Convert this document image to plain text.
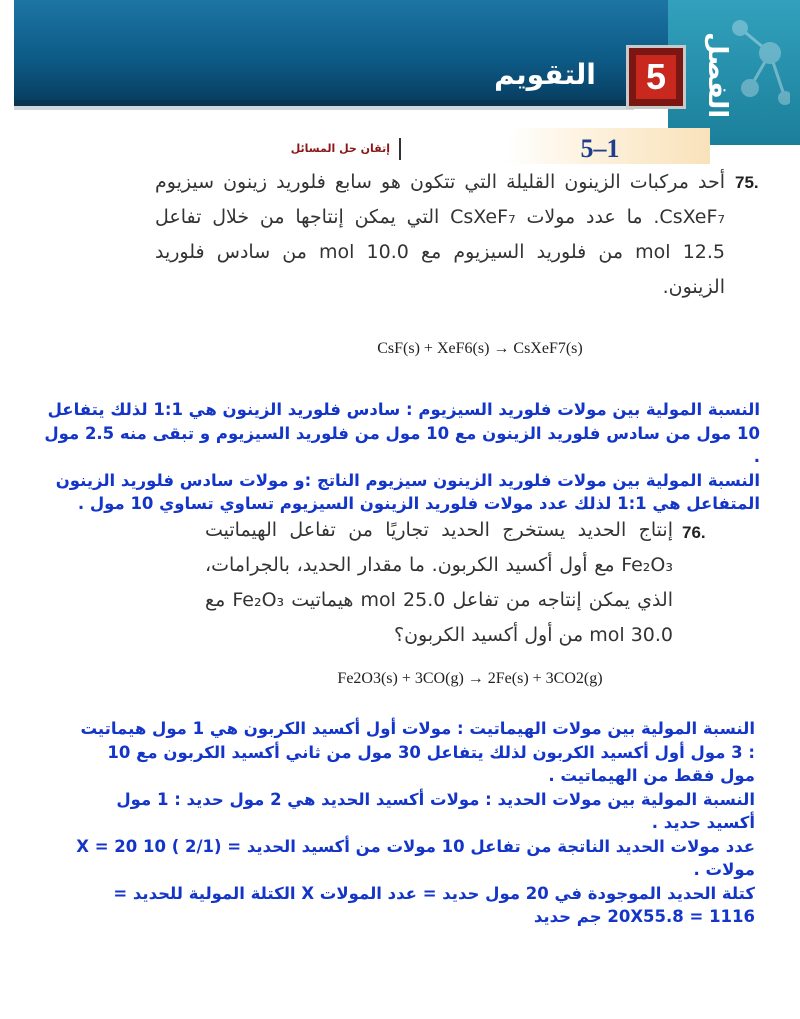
الفصل
5
التقويم
5–1
إتقان حل المسائل
75.
أحد مركبات الزينون القليلة التي تتكون هو سابع فلوريد زينون سيزيوم CsXeF₇. ما عدد مولات CsXeF₇ التي يمكن إنتاجها من خلال تفاعل 12.5 mol من فلوريد السيزيوم مع 10.0 mol من سادس فلوريد الزينون.
CsF(s) + XeF6(s) → CsXeF7(s)

النسبة المولية بين مولات فلوريد السيزيوم : سادس فلوريد الزينون هي 1:1 لذلك يتفاعل 10 مول من سادس فلوريد الزينون مع 10 مول من فلوريد السيزيوم و تبقى منه 2.5 مول .

النسبة المولية بين مولات فلوريد الزينون سيزيوم الناتج :و مولات سادس فلوريد الزينون المتفاعل هي 1:1 لذلك عدد مولات فلوريد الزينون السيزيوم تساوي تساوي 10 مول .

76.
إنتاج الحديد يستخرج الحديد تجاريًا من تفاعل الهيماتيت Fe₂O₃ مع أول أكسيد الكربون. ما مقدار الحديد، بالجرامات، الذي يمكن إنتاجه من تفاعل 25.0 mol هيماتيت Fe₂O₃ مع 30.0 mol من أول أكسيد الكربون؟
Fe2O3(s) + 3CO(g) → 2Fe(s) + 3CO2(g)

النسبة المولية بين مولات الهيماتيت : مولات أول أكسيد الكربون هي 1 مول هيماتيت : 3 مول أول أكسيد الكربون لذلك يتفاعل 30 مول من ثاني أكسيد الكربون مع 10 مول فقط من الهيماتيت .

النسبة المولية بين مولات الحديد : مولات أكسيد الحديد هي 2 مول حديد : 1 مول أكسيد حديد .

عدد مولات الحديد الناتجة من تفاعل 10 مولات من أكسيد الحديد = (2/1 ) 10 X = 20 مولات .

كتلة الحديد الموجودة في 20 مول حديد = عدد المولات X الكتلة المولية للحديد = 20X55.8 = 1116 جم حديد
